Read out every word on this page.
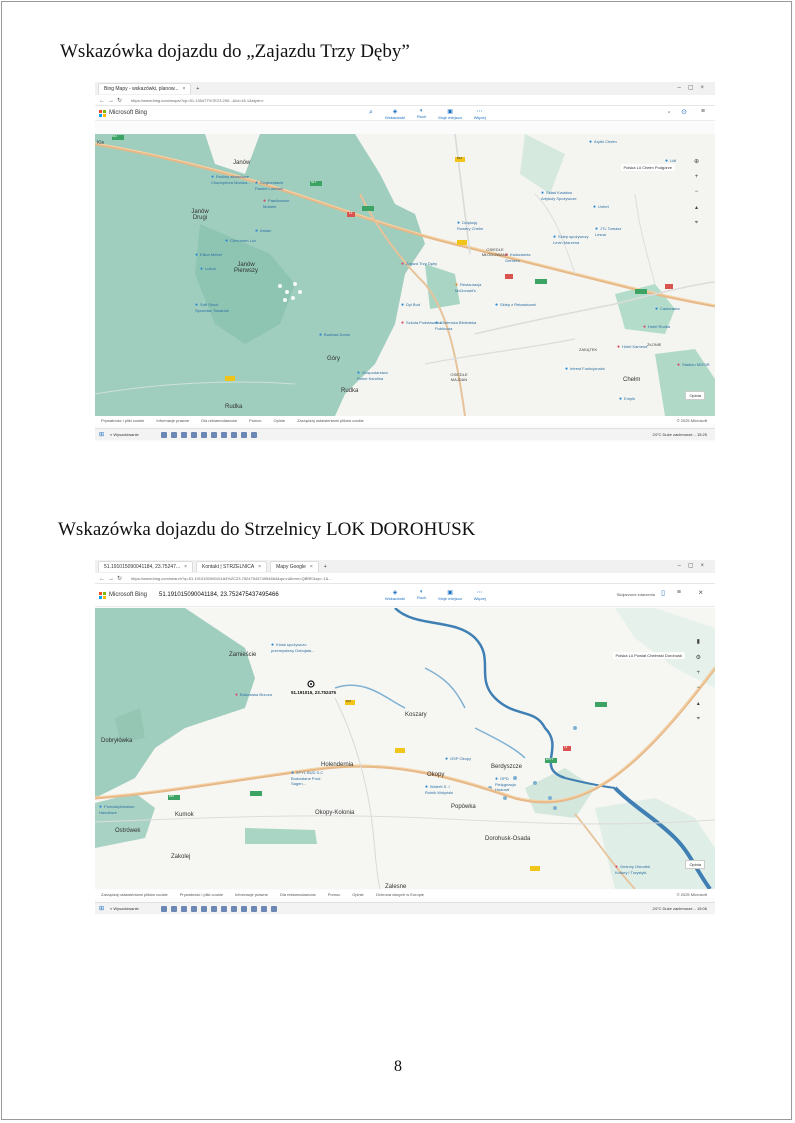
Wskazówka dojazdu do „Zajazdu Trzy Dęby”
Bing Mapy - wskazówki, planow... × +	–▢×
←→↻ https://www.bing.com/maps/?cp=51.135477%7E23.290...&lvl=16.1&style=r
Microsoft Bing	⌕	◈
Wskazówki
◐
Ruch
▣
Moje miejsca
⋯
Więcej
⋆ ⊙ ≡
Kle
Janów
Janów Drugi
Janów Pierwszy
Góry
Rudka
Rudka
OSIEDLE MŁODOWANE
OSIEDLE MAJDAN
ZAKĄTEK
ŻŁONIE
Chełm
● Rośliny akwariowe Chadophora Morska...	● Stugbestanie Pastrel Lubelski
● Pawilonowo Motarie
● Arslan
● Chmurzen Lux
● Lukon
● Ellion Mebel
● Soft Stock Sprzedaz Towarów
● Budowa Domu
● Zajazd Trzy Dęby
● Restauracja McDonald's
● Sklep z Rekawicami
● Dyl Bud
● Dziękuję Rowery Chełm	● JTL Tomasz Lesna
● Chełmska Biblioteka Publiczna
● Szkoła Podstawowa
● Hotel Kamena
● Intrest Funkcjonalni
● Gospodarstwo Rolne Karolina
● Empik
● Stadion MOSiR
● Castorama
● Hotel Rudka
● Skład Kwiatów Artykuły Spożywcze
● Lidl
● Sklep spożywczy Levin Marzena
● Kwiaciarnia Gerbera
● Arytki Chełm
● Unbet
812
12
S17
842
Polska Lü Chełm Podgórze
⊕
+
−
▴
⌖
Opinia
Prywatność i pliki cookie	Informacje prawne	Dla reklamodawców	Pomoc	Opinie	Zarządzaj ustawieniami plików cookie	© 2025 Microsoft
⊞ ⌕ Wyszukiwanie	24°C Duże zachmurze... 15:25
Wskazówka dojazdu do Strzelnicy LOK DOROHUSK
51.191015090041184, 23.75247... ×	Kontakt | STRZELNICA ×	Mapy Google × +	–▢×
←→↻ https://www.bing.com/search?q=51.191015090041184%2C23.7524754374954664&qs=n&form=QBRE&sp=-1&...
Microsoft Bing 51.191015090041184, 23.752475437495466	◈
Wskazówki
◐
Ruch
▣
Moje miejsca
⋯
Więcej
Skojarzone zdarzenia ▯ ≡ ×
51.191015, 23.752475
Zamieście
Dobryłówka
Holendernia
Okopy-Kolonia
Okopy
Koszary
Berdyszcze
Popówka
Kumok
Ostrówek
Zakolej
Dorohusk-Osada
Zalesne
● Kiosk spożywczo przemysłowy Dobujała...
● Bukowska Brzoza
● STYL BUD S.C Budowlane Prod. Sagen...
● OSP Okopy
● OPD Pielęgnacja Hodowli
● Przedsiębiorstwo Handlowe
● Walertt S. I Rolnik Wołyński
● Gminny Ośrodek Kultury i Turystyki
816
12
816
E373
Polska Lü Powiat Chełmski Dorohusk
▮
⚙
+
−
▴
⌖
Opinia
Zarządzaj ustawieniami plików cookie	Prywatność i pliki cookie	Informacje prawne	Dla reklamodawców	Pomoc	Opinie	Ochrona danych w Europie	© 2025 Microsoft
⊞ ⌕ Wyszukiwanie	24°C Duże zachmurze... 15:06
8
